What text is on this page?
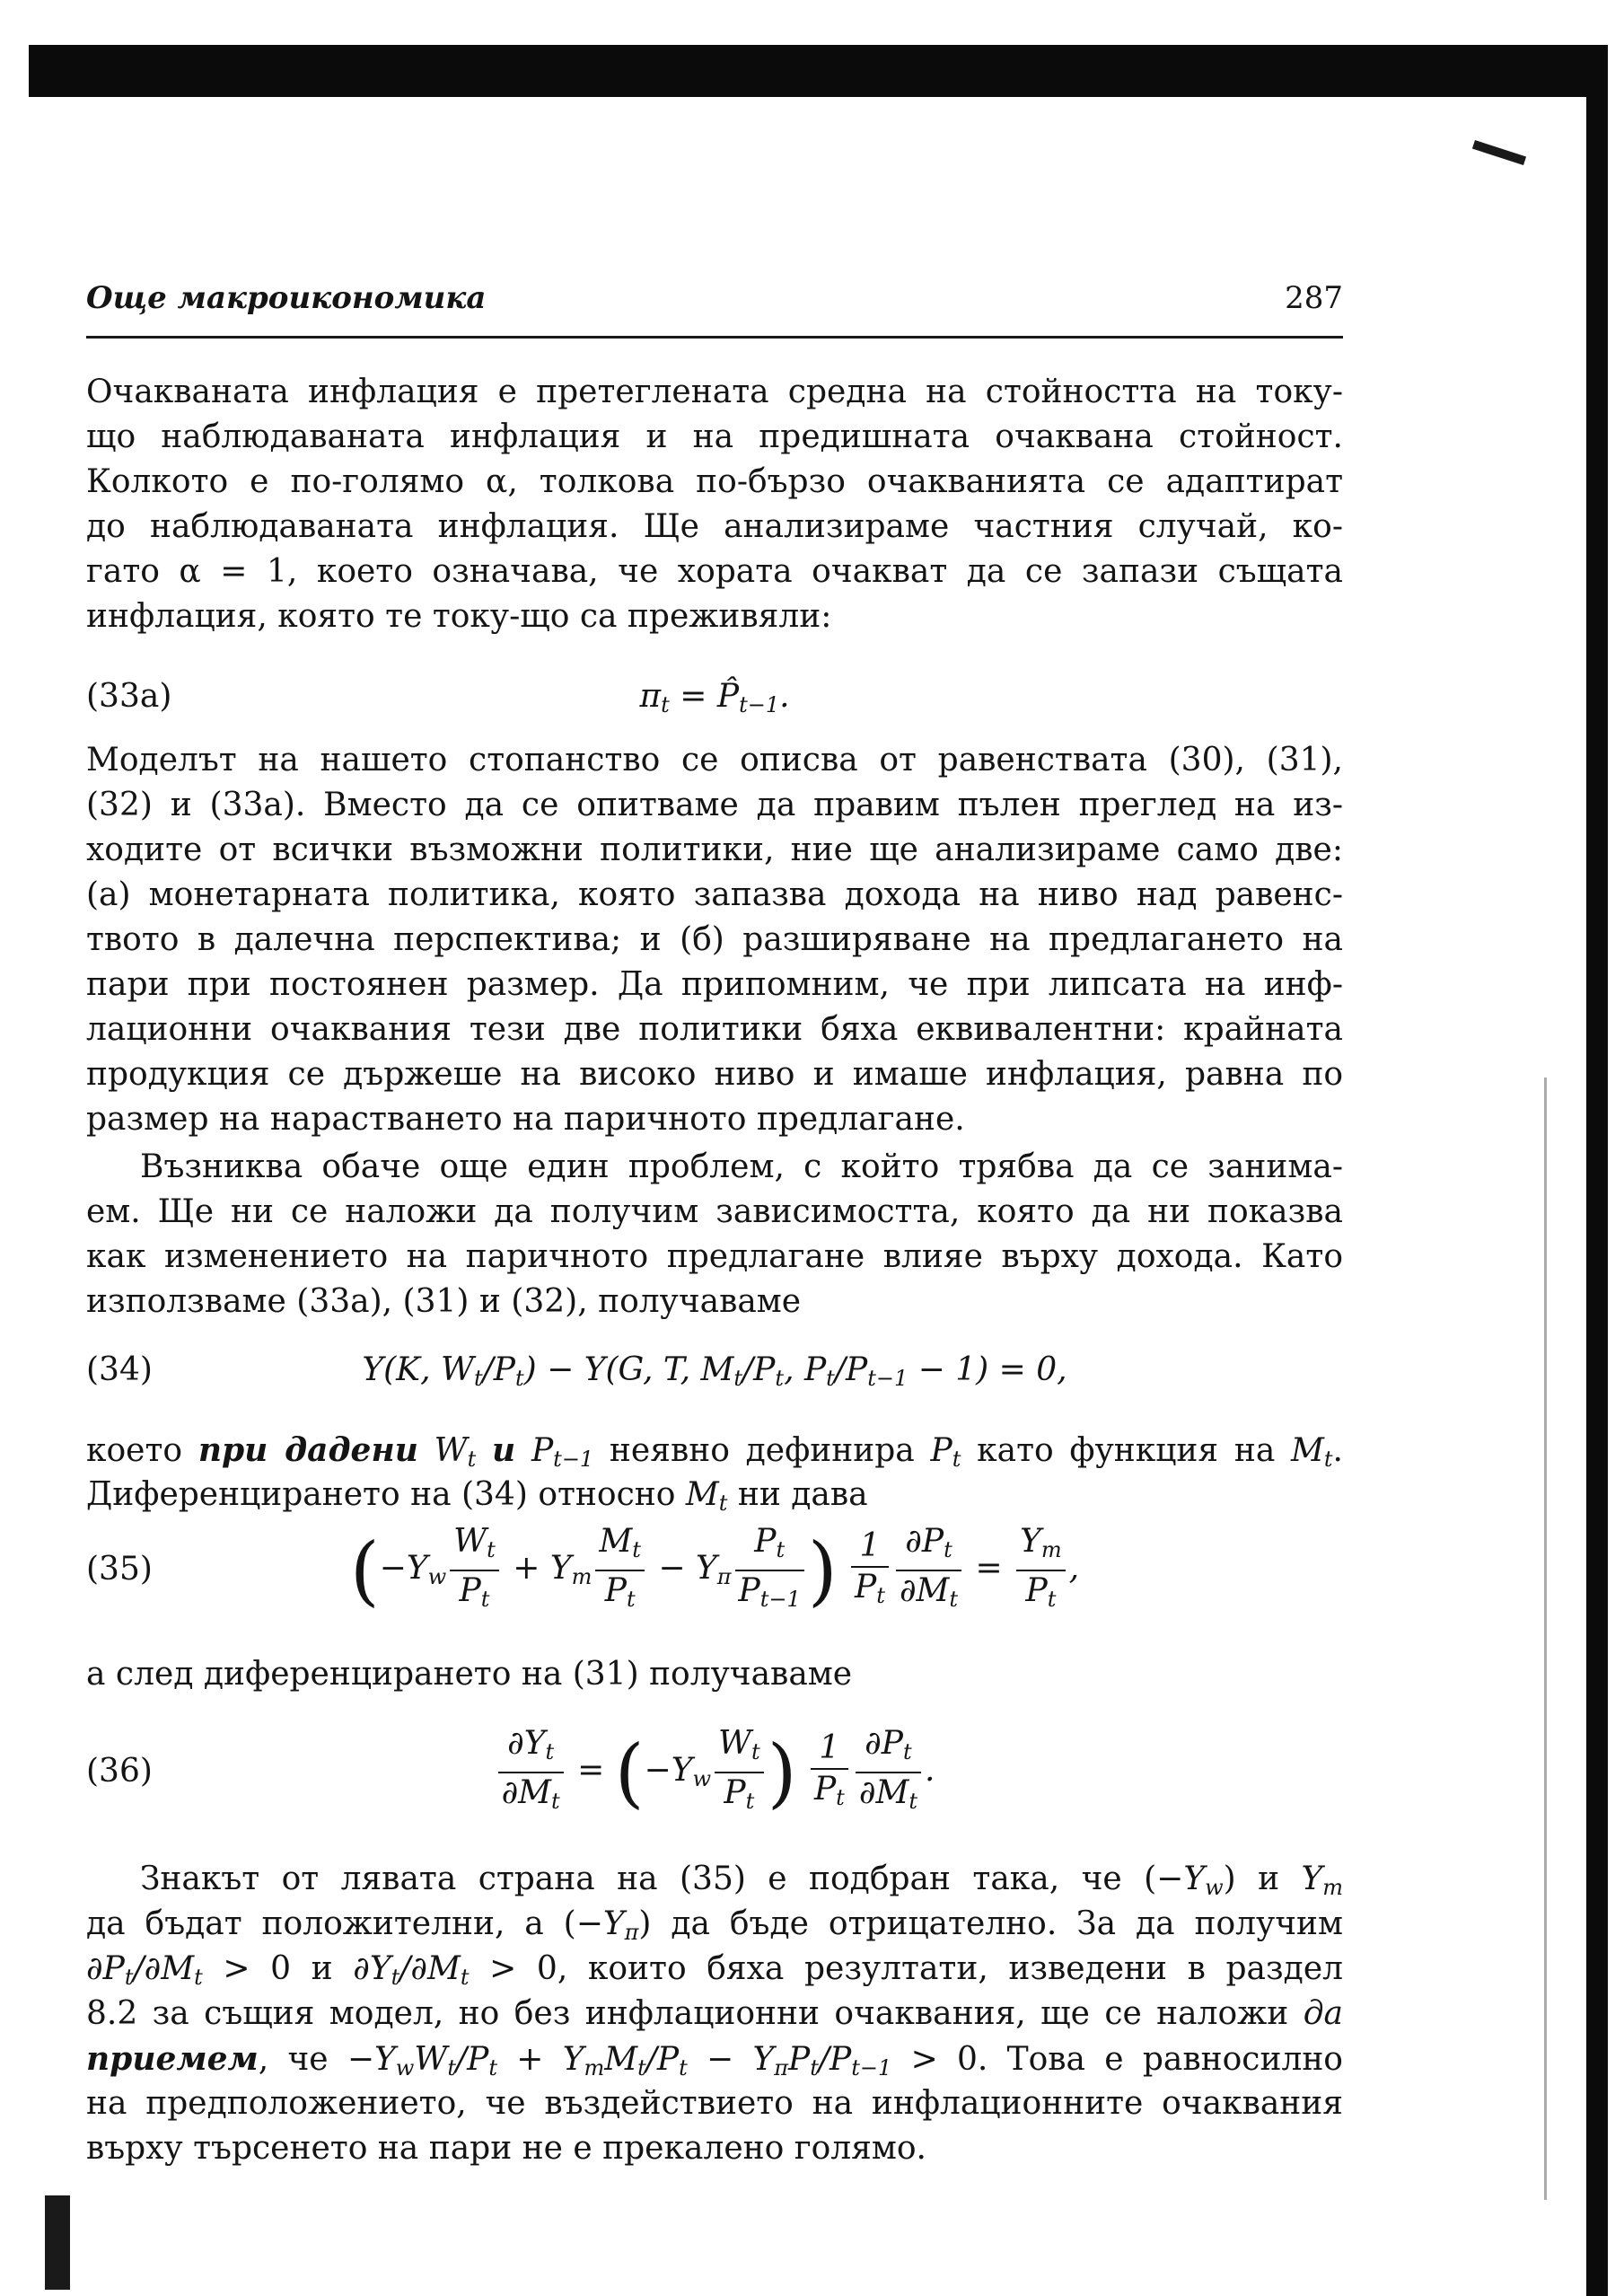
Още макроикономика	287
Очакваната инфлация е претеглената средна на стойността на току-
що наблюдаваната инфлация и на предишната очаквана стойност.
Колкото е по-голямо α, толкова по-бързо очакванията се адаптират
до наблюдаваната инфлация. Ще анализираме частния случай, ко-
гато α = 1, което означава, че хората очакват да се запази същата
инфлация, която те току-що са преживяли:
(33a)	$\pi_t$ = $P̂_{t-1}$.
Моделът на нашето стопанство се описва от равенствата (30), (31),
(32) и (33a). Вместо да се опитваме да правим пълен преглед на из-
ходите от всички възможни политики, ние ще анализираме само две:
(a) монетарната политика, която запазва дохода на ниво над равенс-
твото в далечна перспектива; и (б) разширяване на предлагането на
пари при постоянен размер. Да припомним, че при липсата на инф-
лационни очаквания тези две политики бяха еквивалентни: крайната
продукция се държеше на високо ниво и имаше инфлация, равна по
размер на нарастването на паричното предлагане.
Възниква обаче още един проблем, с който трябва да се занима-
ем. Ще ни се наложи да получим зависимостта, която да ни показва
как изменението на паричното предлагане влияе върху дохода. Като
използваме (33a), (31) и (32), получаваме
(34)	Y(K, $W_t/P_t) - Y(G$, T, $M_t/P_t$, $P_t/P_{t-1} - 1) = 0$,
което при дадени $W_t$ и $P_{t-1}$ неявно дефинира $P_t$ като функция на $M_t$.
Диференцирането на (34) относно $M_t$ ни дава
(35)	($-Y_w \frac{W_t}{P_t} + Y_m \frac{M_t}{P_t} - Y_\pi \frac{P_t}{P_{t-1}}$ ) $\frac{1}{P_t} \frac{\partial P_t}{\partial M_t} = \frac{Y_m}{P_t}$ ,
а след диференцирането на (31) получаваме
(36)	$\frac{\partial Y_t}{\partial M_t} = (-Y_w \frac{W_t}{P_t}$ ) $\frac{1}{P_t} \frac{\partial P_t}{\partial M_t}$ .
Знакът от лявата страна на (35) е подбран така, че $(-Y_w)$ и $Y_m$
да бъдат положителни, а $(-Y_\pi)$ да бъде отрицателно. За да получим
$\partial P_t/\partial M_t > 0$ и $\partial Y_t/\partial M_t > 0$, които бяха резултати, изведени в раздел
8.2 за същия модел, но без инфлационни очаквания, ще се наложи да
приемем, че $-Y_wW_t/P_t + Y_mM_t/P_t - Y_\pi P_t/P_{t-1} > 0$. Това е равносилно
на предположението, че въздействието на инфлационните очаквания
върху търсенето на пари не е прекалено голямо.
